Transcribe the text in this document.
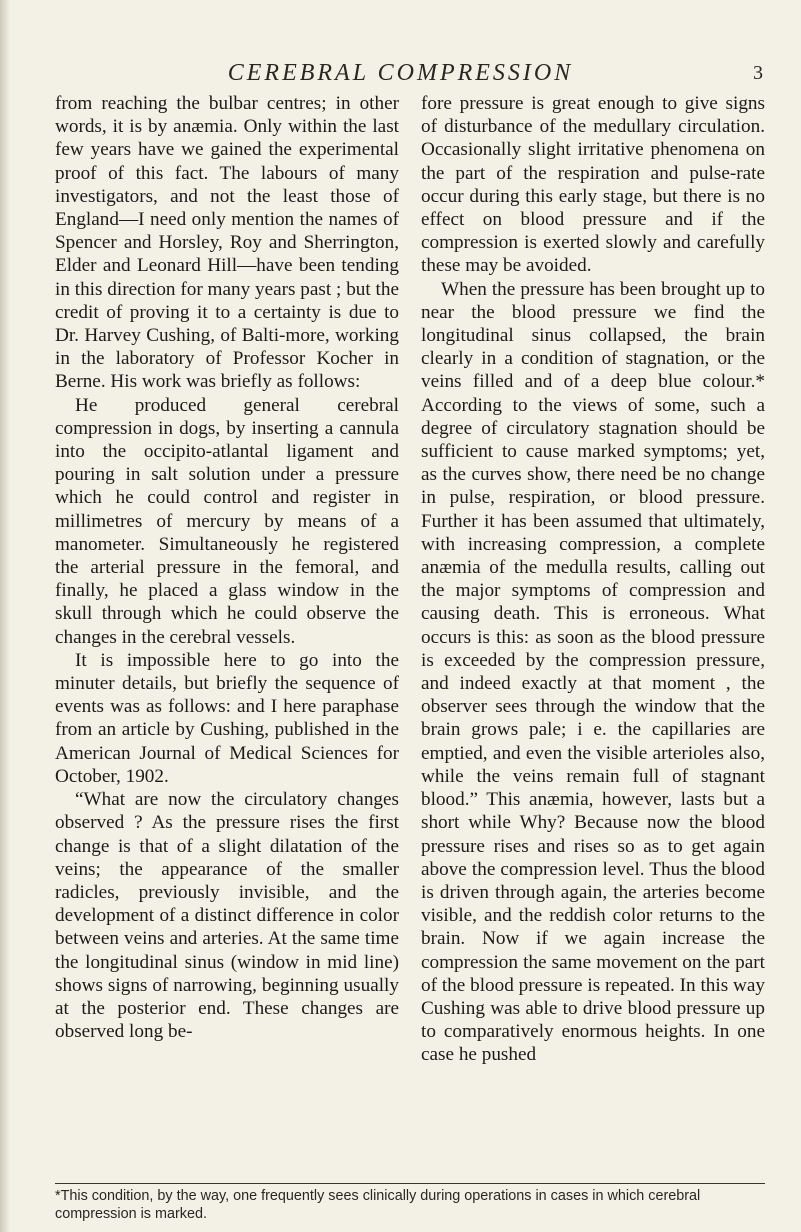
CEREBRAL COMPRESSION	3

from reaching the bulbar centres; in other words, it is by anæmia. Only within the last few years have we gained the experimental proof of this fact. The labours of many investigators, and not the least those of England—I need only mention the names of Spencer and Horsley, Roy and Sherrington, Elder and Leonard Hill—have been tending in this direction for many years past ; but the credit of proving it to a certainty is due to Dr. Harvey Cushing, of Balti-more, working in the laboratory of Professor Kocher in Berne. His work was briefly as follows:

He produced general cerebral compression in dogs, by inserting a cannula into the occipito-atlantal ligament and pouring in salt solution under a pressure which he could control and register in millimetres of mercury by means of a manometer. Simultaneously he registered the arterial pressure in the femoral, and finally, he placed a glass window in the skull through which he could observe the changes in the cerebral vessels.

It is impossible here to go into the minuter details, but briefly the sequence of events was as follows: and I here paraphase from an article by Cushing, published in the American Journal of Medical Sciences for October, 1902.

“What are now the circulatory changes observed ? As the pressure rises the first change is that of a slight dilatation of the veins; the appearance of the smaller radicles, previously invisible, and the development of a distinct difference in color between veins and arteries. At the same time the longitudinal sinus (window in mid line) shows signs of narrowing, beginning usually at the posterior end. These changes are observed long be-

fore pressure is great enough to give signs of disturbance of the medullary circulation. Occasionally slight irritative phenomena on the part of the respiration and pulse-rate occur during this early stage, but there is no effect on blood pressure and if the compression is exerted slowly and carefully these may be avoided.

When the pressure has been brought up to near the blood pressure we find the longitudinal sinus collapsed, the brain clearly in a condition of stagnation, or the veins filled and of a deep blue colour.* According to the views of some, such a degree of circulatory stagnation should be sufficient to cause marked symptoms; yet, as the curves show, there need be no change in pulse, respiration, or blood pressure. Further it has been assumed that ultimately, with increasing compression, a complete anæmia of the medulla results, calling out the major symptoms of compression and causing death. This is erroneous. What occurs is this: as soon as the blood pressure is exceeded by the compression pressure, and indeed exactly at that moment , the observer sees through the window that the brain grows pale; i e. the capillaries are emptied, and even the visible arterioles also, while the veins remain full of stagnant blood.” This anæmia, however, lasts but a short while Why? Because now the blood pressure rises and rises so as to get again above the compression level. Thus the blood is driven through again, the arteries become visible, and the reddish color returns to the brain. Now if we again increase the compression the same movement on the part of the blood pressure is repeated. In this way Cushing was able to drive blood pressure up to comparatively enormous heights. In one case he pushed

*This condition, by the way, one frequently sees clinically during operations in cases in which cerebral compression is marked.
